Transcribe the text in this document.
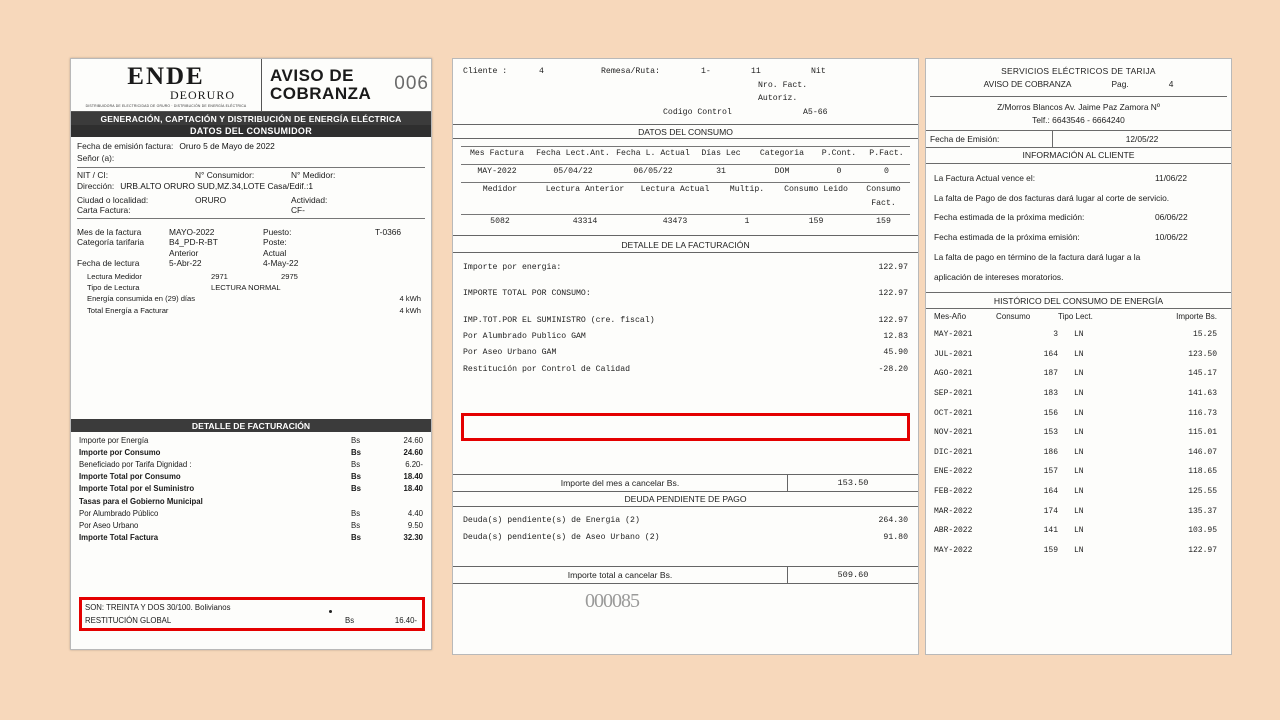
ENDE
DEORURO
DISTRIBUIDORA DE ELECTRICIDAD DE ORURO · DISTRIBUCIÓN DE ENERGÍA ELÉCTRICA
AVISO DE
COBRANZA	006
GENERACIÓN, CAPTACIÓN Y DISTRIBUCIÓN DE ENERGÍA ELÉCTRICA
DATOS DEL CONSUMIDOR
Fecha de emisión factura: Oruro 5 de Mayo de 2022
Señor (a):
NIT / CI:	N° Consumidor:	N° Medidor:
Dirección: URB.ALTO ORURO SUD,MZ.34,LOTE Casa/Edif.:1
Ciudad o localidad:	ORURO	Actividad:
Carta Factura:	CF-
Mes de la factura	MAYO-2022	Puesto:	T-0366
Categoría tarifaria	B4_PD-R-BT	Poste:
Anterior	Actual
Fecha de lectura	5-Abr-22	4-May-22
Lectura Medidor	2971	2975
Tipo de Lectura	LECTURA NORMAL
Energía consumida en (29) días	4 kWh
Total Energía a Facturar	4 kWh
DETALLE DE FACTURACIÓN
Importe por Energía	Bs	24.60
Importe por Consumo	Bs	24.60
Beneficiado por Tarifa Dignidad :	Bs	6.20-
Importe Total por Consumo	Bs	18.40
Importe Total por el Suministro	Bs	18.40
Tasas para el Gobierno Municipal
Por Alumbrado Público	Bs	4.40
Por Aseo Urbano	Bs	9.50
Importe Total Factura	Bs	32.30
SON: TREINTA Y DOS 30/100. Bolivianos
RESTITUCIÓN GLOBAL	Bs	16.40-
Cliente :	4	Remesa/Ruta:	1-	11	Nit
Nro. Fact.
Autoriz.
Codigo Control	A5-66
DATOS DEL CONSUMO
Mes Factura	Fecha Lect.Ant. Fecha L. Actual	Días Lec	Categoria	P.Cont.	P.Fact.
MAY-2022	05/04/22	06/05/22	31	DOM	0	0
Medidor	Lectura Anterior	Lectura Actual	Multip.	Consumo Leido	Consumo Fact.
5082	43314	43473	1	159	159
DETALLE DE LA FACTURACIÓN
Importe por energia:	122.97
IMPORTE TOTAL POR CONSUMO:	122.97
IMP.TOT.POR EL SUMINISTRO (cre. fiscal)	122.97
Por Alumbrado Publico GAM	12.83
Por Aseo Urbano GAM	45.90
Restitución por Control de Calidad	-28.20
Importe del mes a cancelar Bs.	153.50
DEUDA PENDIENTE DE PAGO
Deuda(s) pendiente(s) de Energia (2)	264.30
Deuda(s) pendiente(s) de Aseo Urbano (2)	91.80
Importe total a cancelar Bs.	509.60
000085
SERVICIOS ELÉCTRICOS DE TARIJA
AVISO DE COBRANZA	Pag.	4
Z/Morros Blancos Av. Jaime Paz Zamora Nº
Telf.: 6643546 - 6664240
Fecha de Emisión:	12/05/22
INFORMACIÓN AL CLIENTE
La Factura Actual vence el:	11/06/22
La falta de Pago de dos facturas dará lugar al corte de servicio.
Fecha estimada de la próxima medición:	06/06/22
Fecha estimada de la próxima emisión:	10/06/22
La falta de pago en término de la factura dará lugar a la
aplicación de intereses moratorios.
HISTÓRICO DEL CONSUMO DE ENERGÍA
Mes-Año	Consumo	Tipo Lect.	Importe Bs.
MAY-2021	3	LN	15.25
JUL-2021	164	LN	123.50
AGO-2021	187	LN	145.17
SEP-2021	183	LN	141.63
OCT-2021	156	LN	116.73
NOV-2021	153	LN	115.01
DIC-2021	186	LN	146.07
ENE-2022	157	LN	118.65
FEB-2022	164	LN	125.55
MAR-2022	174	LN	135.37
ABR-2022	141	LN	103.95
MAY-2022	159	LN	122.97
